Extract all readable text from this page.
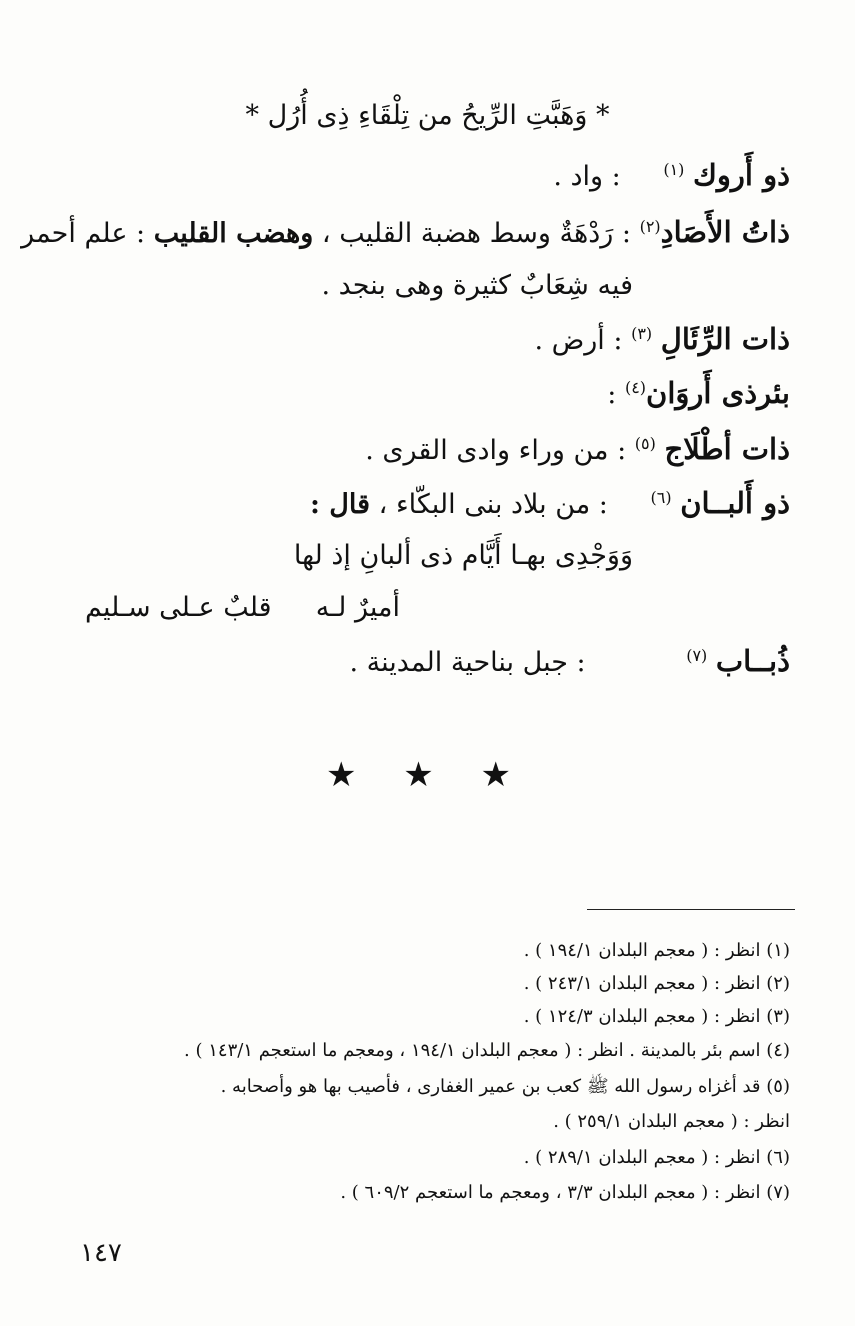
* وَهَبَّتِ الرِّيحُ من تِلْقَاءِ ذِى أُرُل *
ذو أَروك $^{(١)}$ : واد .
ذاتُ الأَصَادِ$^{(٢)}$ : رَدْهَةٌ وسط هضبة القليب ، وهضب القليب : علم أحمر
فيه شِعَابٌ كثيرة وهى بنجد .
ذات الرِّئَالِ $^{(٣)}$ : أرض .
بئرذى أَروَان$^{(٤)}$ :
ذات أطْلَاج $^{(٥)}$ : من وراء وادى القرى .
ذو أَلبــان $^{(٦)}$ : من بلاد بنى البكّاء ، قال :
وَوَجْدِى بهـا أَيَّام ذى ألبانِ إذ لها
أميرٌ لـه
قلبٌ عـلى سـليم
ذُبــاب $^{(٧)}$ : جبل بناحية المدينة .
★ ★ ★
(١) انظر : ( معجم البلدان ١٩٤/١ ) .
(٢) انظر : ( معجم البلدان ٢٤٣/١ ) .
(٣) انظر : ( معجم البلدان ١٢٤/٣ ) .
(٤) اسم بئر بالمدينة . انظر : ( معجم البلدان ١٩٤/١ ، ومعجم ما استعجم ١٤٣/١ ) .
(٥) قد أغزاه رسول الله ﷺ كعب بن عمير الغفارى ، فأصيب بها هو وأصحابه .
انظر : ( معجم البلدان ٢٥٩/١ ) .
(٦) انظر : ( معجم البلدان ٢٨٩/١ ) .
(٧) انظر : ( معجم البلدان ٣/٣ ، ومعجم ما استعجم ٦٠٩/٢ ) .
١٤٧
